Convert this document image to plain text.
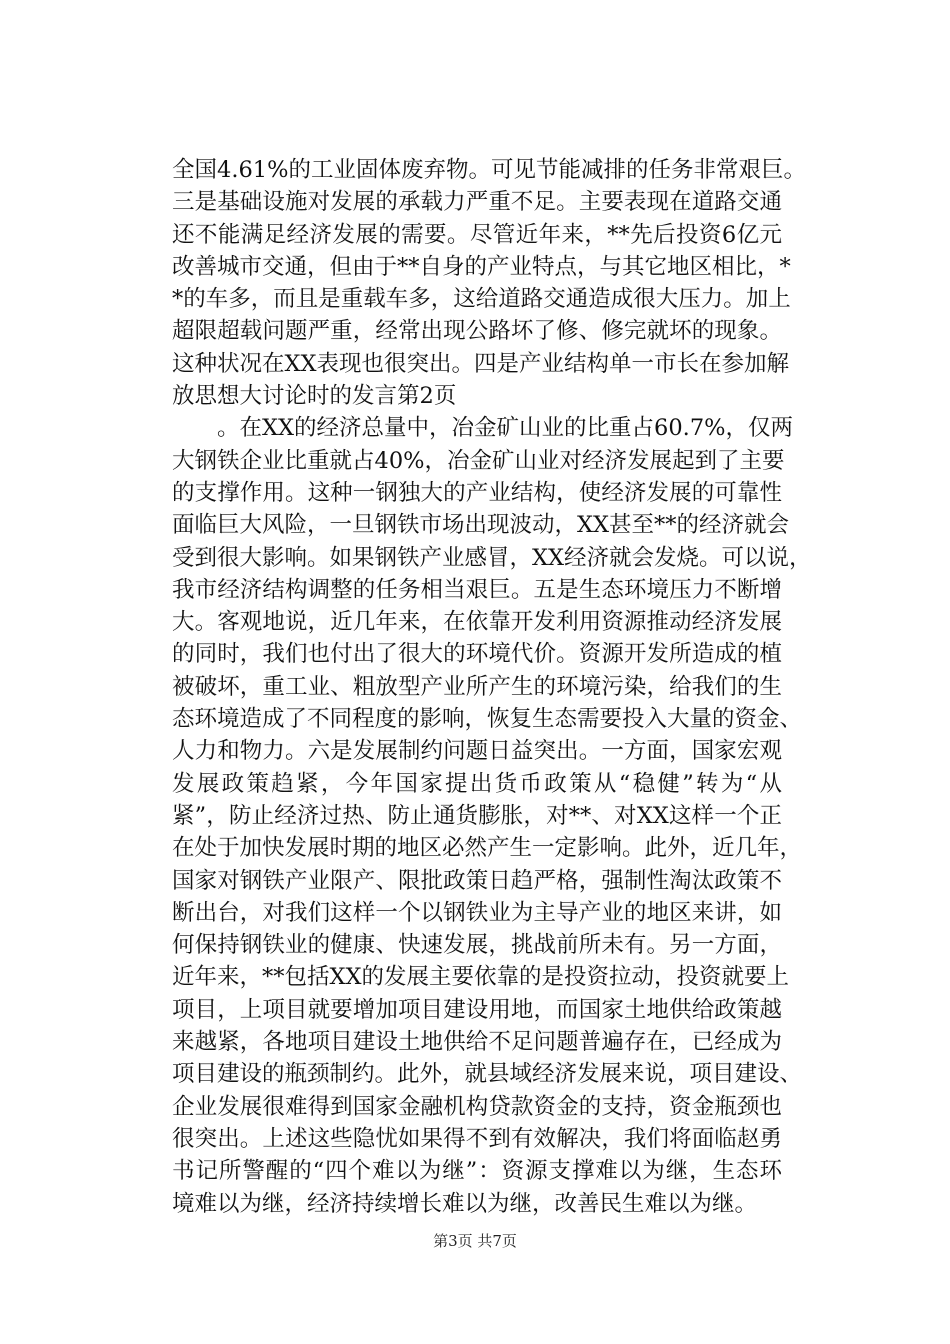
全国4.61%的工业固体废弃物。可见节能减排的任务非常艰巨。
三是基础设施对发展的承载力严重不足。主要表现在道路交通
还不能满足经济发展的需要。尽管近年来，**先后投资6亿元
改善城市交通，但由于**自身的产业特点，与其它地区相比，*
*的车多，而且是重载车多，这给道路交通造成很大压力。加上
超限超载问题严重，经常出现公路坏了修、修完就坏的现象。
这种状况在XX表现也很突出。四是产业结构单一市长在参加解
放思想大讨论时的发言第2页
　　。在XX的经济总量中，冶金矿山业的比重占60.7%，仅两
大钢铁企业比重就占40%，冶金矿山业对经济发展起到了主要
的支撑作用。这种一钢独大的产业结构，使经济发展的可靠性
面临巨大风险，一旦钢铁市场出现波动，XX甚至**的经济就会
受到很大影响。如果钢铁产业感冒，XX经济就会发烧。可以说，
我市经济结构调整的任务相当艰巨。五是生态环境压力不断增
大。客观地说，近几年来，在依靠开发利用资源推动经济发展
的同时，我们也付出了很大的环境代价。资源开发所造成的植
被破坏，重工业、粗放型产业所产生的环境污染，给我们的生
态环境造成了不同程度的影响，恢复生态需要投入大量的资金、
人力和物力。六是发展制约问题日益突出。一方面，国家宏观
发展政策趋紧，今年国家提出货币政策从“稳健”转为“从
紧”，防止经济过热、防止通货膨胀，对**、对XX这样一个正
在处于加快发展时期的地区必然产生一定影响。此外，近几年，
国家对钢铁产业限产、限批政策日趋严格，强制性淘汰政策不
断出台，对我们这样一个以钢铁业为主导产业的地区来讲，如
何保持钢铁业的健康、快速发展，挑战前所未有。另一方面，
近年来，**包括XX的发展主要依靠的是投资拉动，投资就要上
项目，上项目就要增加项目建设用地，而国家土地供给政策越
来越紧，各地项目建设土地供给不足问题普遍存在，已经成为
项目建设的瓶颈制约。此外，就县域经济发展来说，项目建设、
企业发展很难得到国家金融机构贷款资金的支持，资金瓶颈也
很突出。上述这些隐忧如果得不到有效解决，我们将面临赵勇
书记所警醒的“四个难以为继”：资源支撑难以为继，生态环
境难以为继，经济持续增长难以为继，改善民生难以为继。
第3页 共7页
